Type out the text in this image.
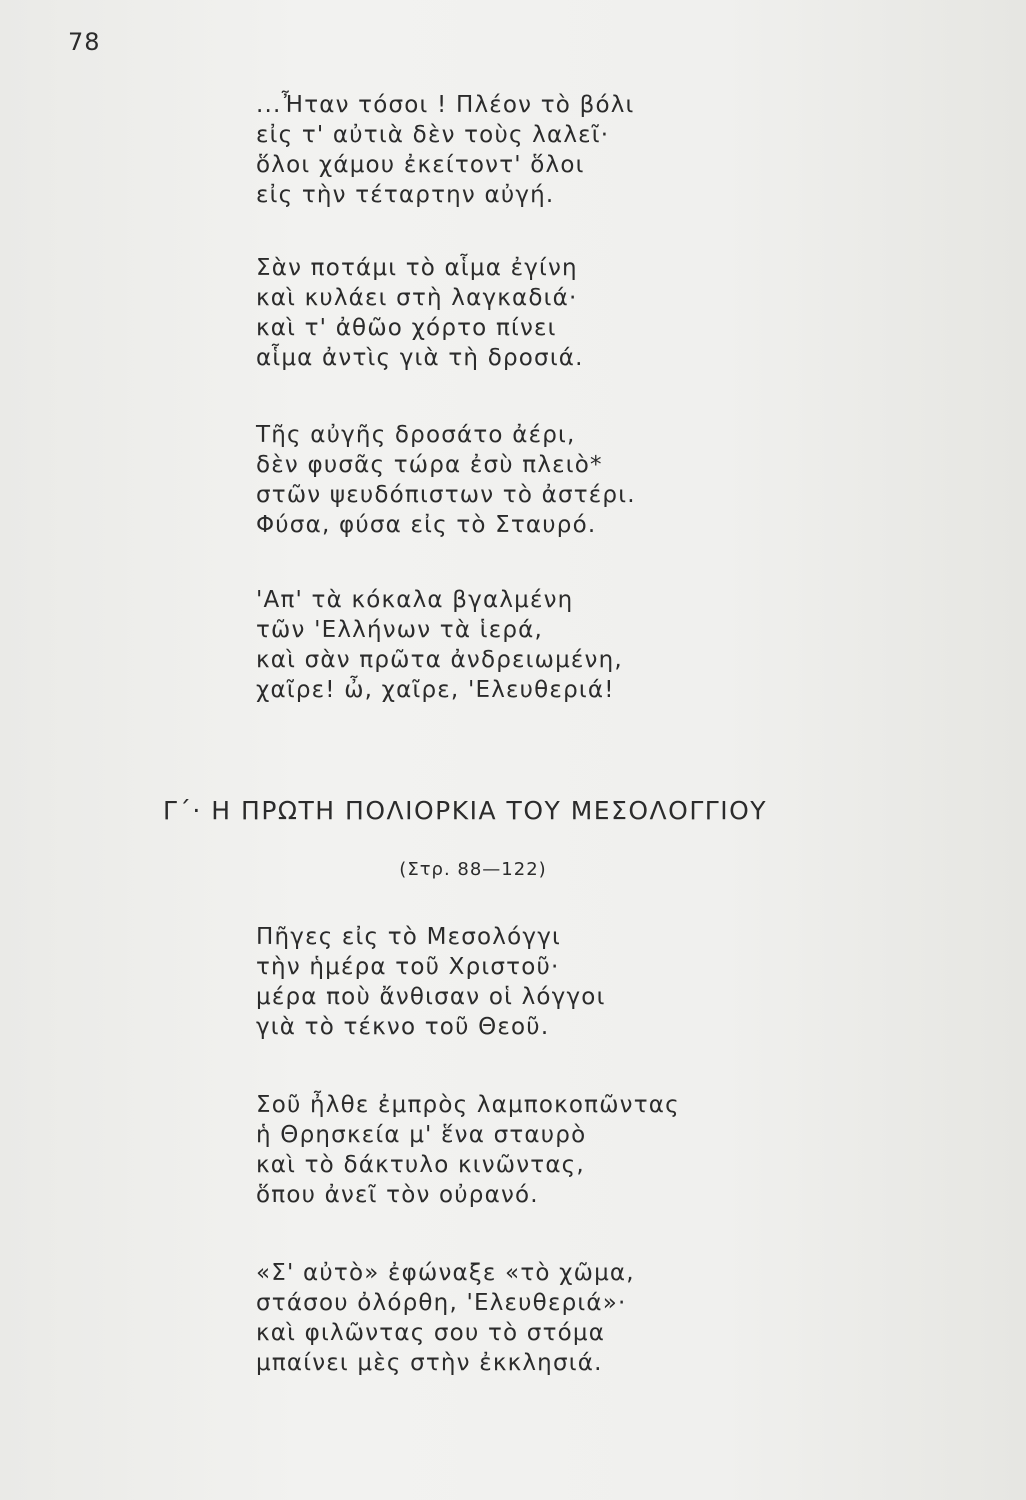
78
...Ἦταν τόσοι ! Πλέον τὸ βόλι
εἰς τ' αὐτιὰ δὲν τοὺς λαλεῖ·
ὅλοι χάμου ἐκείτοντ' ὅλοι
εἰς τὴν τέταρτην αὐγή.
Σὰν ποτάμι τὸ αἷμα ἐγίνη
καὶ κυλάει στὴ λαγκαδιά·
καὶ τ' ἀθῶο χόρτο πίνει
αἷμα ἀντὶς γιὰ τὴ δροσιά.
Τῆς αὐγῆς δροσάτο ἀέρι,
δὲν φυσᾶς τώρα ἐσὺ πλειὸ*
στῶν ψευδόπιστων τὸ ἀστέρι.
Φύσα, φύσα εἰς τὸ Σταυρό.
'Απ' τὰ κόκαλα βγαλμένη
τῶν 'Ελλήνων τὰ ἱερά,
καὶ σὰν πρῶτα ἀνδρειωμένη,
χαῖρε! ὦ, χαῖρε, 'Ελευθεριά!
Γ΄· Η ΠΡΩΤΗ ΠΟΛΙΟΡΚΙΑ ΤΟΥ ΜΕΣΟΛΟΓΓΙΟΥ
(Στρ. 88—122)
Πῆγες εἰς τὸ Μεσολόγγι
τὴν ἡμέρα τοῦ Χριστοῦ·
μέρα ποὺ ἄνθισαν οἱ λόγγοι
γιὰ τὸ τέκνο τοῦ Θεοῦ.
Σοῦ ἦλθε ἐμπρὸς λαμποκοπῶντας
ἡ Θρησκεία μ' ἕνα σταυρὸ
καὶ τὸ δάκτυλο κινῶντας,
ὅπου ἀνεῖ τὸν οὐρανό.
«Σ' αὐτὸ» ἐφώναξε «τὸ χῶμα,
στάσου ὀλόρθη, 'Ελευθεριά»·
καὶ φιλῶντας σου τὸ στόμα
μπαίνει μὲς στὴν ἐκκλησιά.
